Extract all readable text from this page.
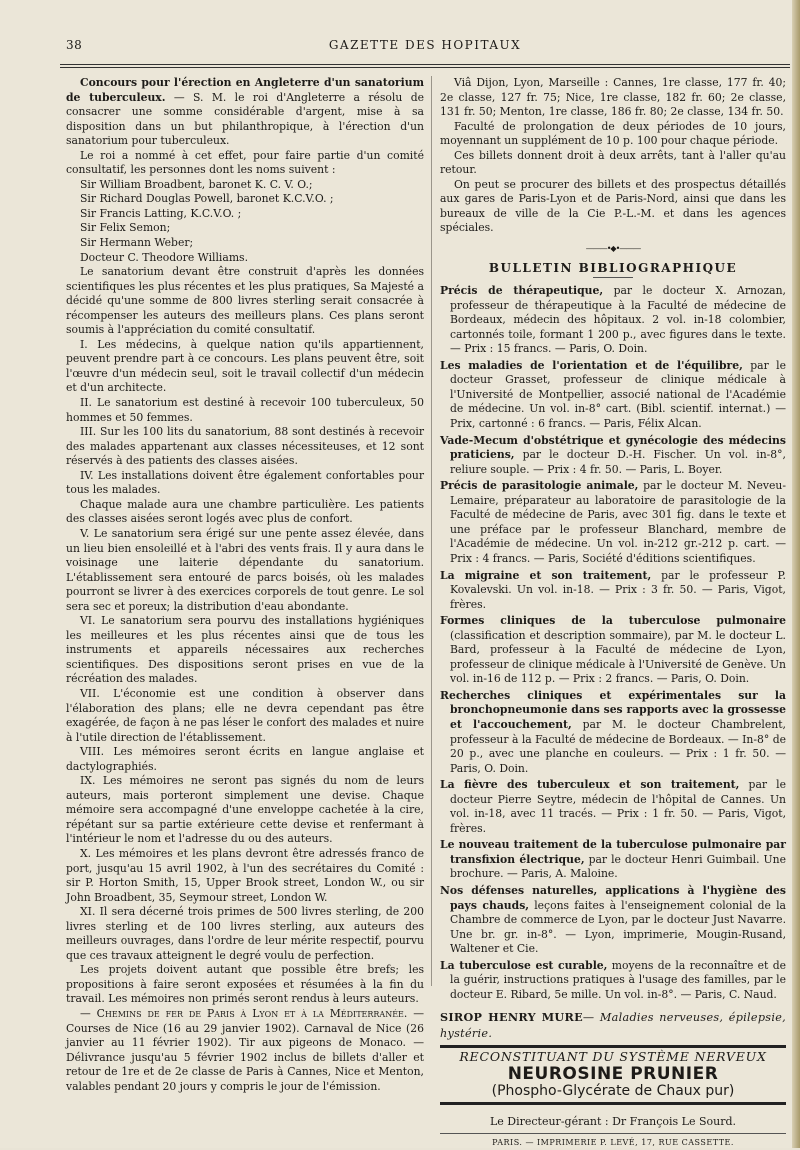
38	GAZETTE DES HOPITAUX

Concours pour l'érection en Angleterre d'un sanatorium de tuberculeux. — S. M. le roi d'Angleterre a résolu de consacrer une somme considérable d'argent, mise à sa disposition dans un but philanthropique, à l'érection d'un sanatorium pour tuberculeux.

Le roi a nommé à cet effet, pour faire partie d'un comité consultatif, les personnes dont les noms suivent :

Sir William Broadbent, baronet K. C. V. O.;

Sir Richard Douglas Powell, baronet K.C.V.O. ;

Sir Francis Latting, K.C.V.O. ;

Sir Felix Semon;

Sir Hermann Weber;

Docteur C. Theodore Williams.

Le sanatorium devant être construit d'après les données scientifiques les plus récentes et les plus pratiques, Sa Majesté a décidé qu'une somme de 800 livres sterling serait consacrée à récompenser les auteurs des meilleurs plans. Ces plans seront soumis à l'appréciation du comité consultatif.

I. Les médecins, à quelque nation qu'ils appartiennent, peuvent prendre part à ce concours. Les plans peuvent être, soit l'œuvre d'un médecin seul, soit le travail collectif d'un médecin et d'un architecte.

II. Le sanatorium est destiné à recevoir 100 tuberculeux, 50 hommes et 50 femmes.

III. Sur les 100 lits du sanatorium, 88 sont destinés à recevoir des malades appartenant aux classes nécessiteuses, et 12 sont réservés à des patients des classes aisées.

IV. Les installations doivent être également confortables pour tous les malades.

Chaque malade aura une chambre particulière. Les patients des classes aisées seront logés avec plus de confort.

V. Le sanatorium sera érigé sur une pente assez élevée, dans un lieu bien ensoleillé et à l'abri des vents frais. Il y aura dans le voisinage une laiterie dépendante du sanatorium. L'établissement sera entouré de parcs boisés, où les malades pourront se livrer à des exercices corporels de tout genre. Le sol sera sec et poreux; la distribution d'eau abondante.

VI. Le sanatorium sera pourvu des installations hygiéniques les meilleures et les plus récentes ainsi que de tous les instruments et appareils nécessaires aux recherches scientifiques. Des dispositions seront prises en vue de la récréation des malades.

VII. L'économie est une condition à observer dans l'élaboration des plans; elle ne devra cependant pas être exagérée, de façon à ne pas léser le confort des malades et nuire à l'utile direction de l'établissement.

VIII. Les mémoires seront écrits en langue anglaise et dactylographiés.

IX. Les mémoires ne seront pas signés du nom de leurs auteurs, mais porteront simplement une devise. Chaque mémoire sera accompagné d'une enveloppe cachetée à la cire, répétant sur sa partie extérieure cette devise et renfermant à l'intérieur le nom et l'adresse du ou des auteurs.

X. Les mémoires et les plans devront être adressés franco de port, jusqu'au 15 avril 1902, à l'un des secrétaires du Comité : sir P. Horton Smith, 15, Upper Brook street, London W., ou sir John Broadbent, 35, Seymour street, London W.

XI. Il sera décerné trois primes de 500 livres sterling, de 200 livres sterling et de 100 livres sterling, aux auteurs des meilleurs ouvrages, dans l'ordre de leur mérite respectif, pourvu que ces travaux atteignent le degré voulu de perfection.

Les projets doivent autant que possible être brefs; les propositions à faire seront exposées et résumées à la fin du travail. Les mémoires non primés seront rendus à leurs auteurs.

— Chemins de fer de Paris à Lyon et à la Méditerranée. — Courses de Nice (16 au 29 janvier 1902). Carnaval de Nice (26 janvier au 11 février 1902). Tir aux pigeons de Monaco. — Délivrance jusqu'au 5 février 1902 inclus de billets d'aller et retour de 1re et de 2e classe de Paris à Cannes, Nice et Menton, valables pendant 20 jours y compris le jour de l'émission.

Viâ Dijon, Lyon, Marseille : Cannes, 1re classe, 177 fr. 40; 2e classe, 127 fr. 75; Nice, 1re classe, 182 fr. 60; 2e classe, 131 fr. 50; Menton, 1re classe, 186 fr. 80; 2e classe, 134 fr. 50.

Faculté de prolongation de deux périodes de 10 jours, moyennant un supplément de 10 p. 100 pour chaque période.

Ces billets donnent droit à deux arrêts, tant à l'aller qu'au retour.

On peut se procurer des billets et des prospectus détaillés aux gares de Paris-Lyon et de Paris-Nord, ainsi que dans les bureaux de ville de la Cie P.-L.-M. et dans les agences spéciales.

———•◆•———
BULLETIN BIBLIOGRAPHIQUE

Précis de thérapeutique, par le docteur X. Arnozan, professeur de thérapeutique à la Faculté de médecine de Bordeaux, médecin des hôpitaux. 2 vol. in-18 colombier, cartonnés toile, formant 1 200 p., avec figures dans le texte. — Prix : 15 francs. — Paris, O. Doin.

Les maladies de l'orientation et de l'équilibre, par le docteur Grasset, professeur de clinique médicale à l'Université de Montpellier, associé national de l'Académie de médecine. Un vol. in-8° cart. (Bibl. scientif. internat.) — Prix, cartonné : 6 francs. — Paris, Félix Alcan.

Vade-Mecum d'obstétrique et gynécologie des médecins praticiens, par le docteur D.-H. Fischer. Un vol. in-8°, reliure souple. — Prix : 4 fr. 50. — Paris, L. Boyer.

Précis de parasitologie animale, par le docteur M. Neveu-Lemaire, préparateur au laboratoire de parasitologie de la Faculté de médecine de Paris, avec 301 fig. dans le texte et une préface par le professeur Blanchard, membre de l'Académie de médecine. Un vol. in-212 gr.-212 p. cart. — Prix : 4 francs. — Paris, Société d'éditions scientifiques.

La migraine et son traitement, par le professeur P. Kovalevski. Un vol. in-18. — Prix : 3 fr. 50. — Paris, Vigot, frères.

Formes cliniques de la tuberculose pulmonaire (classification et description sommaire), par M. le docteur L. Bard, professeur à la Faculté de médecine de Lyon, professeur de clinique médicale à l'Université de Genève. Un vol. in-16 de 112 p. — Prix : 2 francs. — Paris, O. Doin.

Recherches cliniques et expérimentales sur la bronchopneumonie dans ses rapports avec la grossesse et l'accouchement, par M. le docteur Chambrelent, professeur à la Faculté de médecine de Bordeaux. — In-8° de 20 p., avec une planche en couleurs. — Prix : 1 fr. 50. — Paris, O. Doin.

La fièvre des tuberculeux et son traitement, par le docteur Pierre Seytre, médecin de l'hôpital de Cannes. Un vol. in-18, avec 11 tracés. — Prix : 1 fr. 50. — Paris, Vigot, frères.

Le nouveau traitement de la tuberculose pulmonaire par transfixion électrique, par le docteur Henri Guimbail. Une brochure. — Paris, A. Maloine.

Nos défenses naturelles, applications à l'hygiène des pays chauds, leçons faites à l'enseignement colonial de la Chambre de commerce de Lyon, par le docteur Just Navarre. Une br. gr. in-8°. — Lyon, imprimerie, Mougin-Rusand, Waltener et Cie.

La tuberculose est curable, moyens de la reconnaître et de la guérir, instructions pratiques à l'usage des familles, par le docteur E. Ribard, 5e mille. Un vol. in-8°. — Paris, C. Naud.

SIROP HENRY MURE— Maladies nerveuses, épilepsie, hystérie.
RECONSTITUANT DU SYSTÈME NERVEUX
NEUROSINE PRUNIER
(Phospho-Glycérate de Chaux pur)
Le Directeur-gérant : Dr François Le Sourd.
PARIS. — IMPRIMERIE P. LEVÉ, 17, RUE CASSETTE.
